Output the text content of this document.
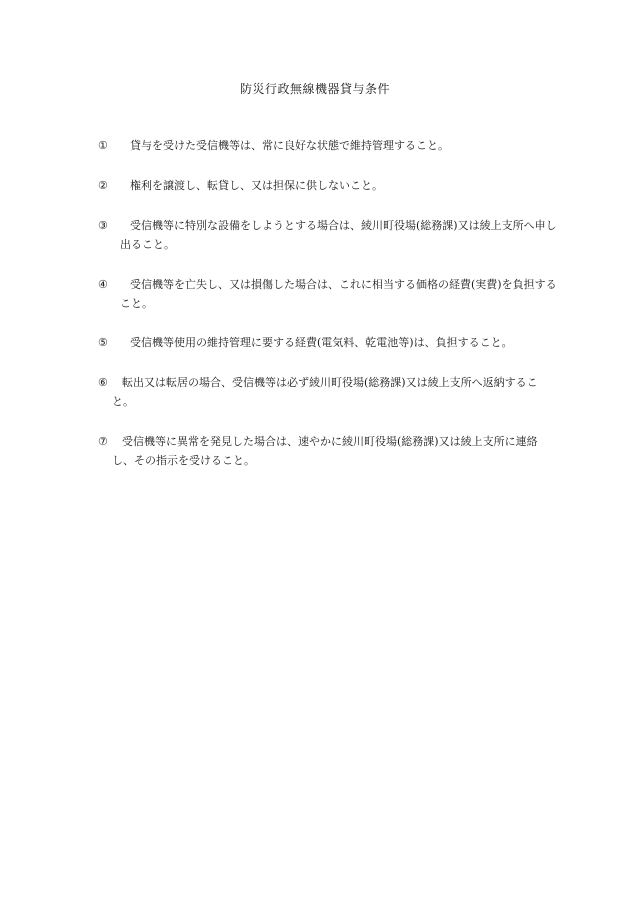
防災行政無線機器貸与条件
①	貸与を受けた受信機等は、常に良好な状態で維持管理すること。
②	権利を譲渡し、転貸し、又は担保に供しないこと。
③	受信機等に特別な設備をしようとする場合は、綾川町役場(総務課)又は綾上支所へ申し出ること。
④	受信機等を亡失し、又は損傷した場合は、これに相当する価格の経費(実費)を負担すること。
⑤	受信機等使用の維持管理に要する経費(電気料、乾電池等)は、負担すること。
⑥	転出又は転居の場合、受信機等は必ず綾川町役場(総務課)又は綾上支所へ返納すること。
⑦	受信機等に異常を発見した場合は、速やかに綾川町役場(総務課)又は綾上支所に連絡し、その指示を受けること。
